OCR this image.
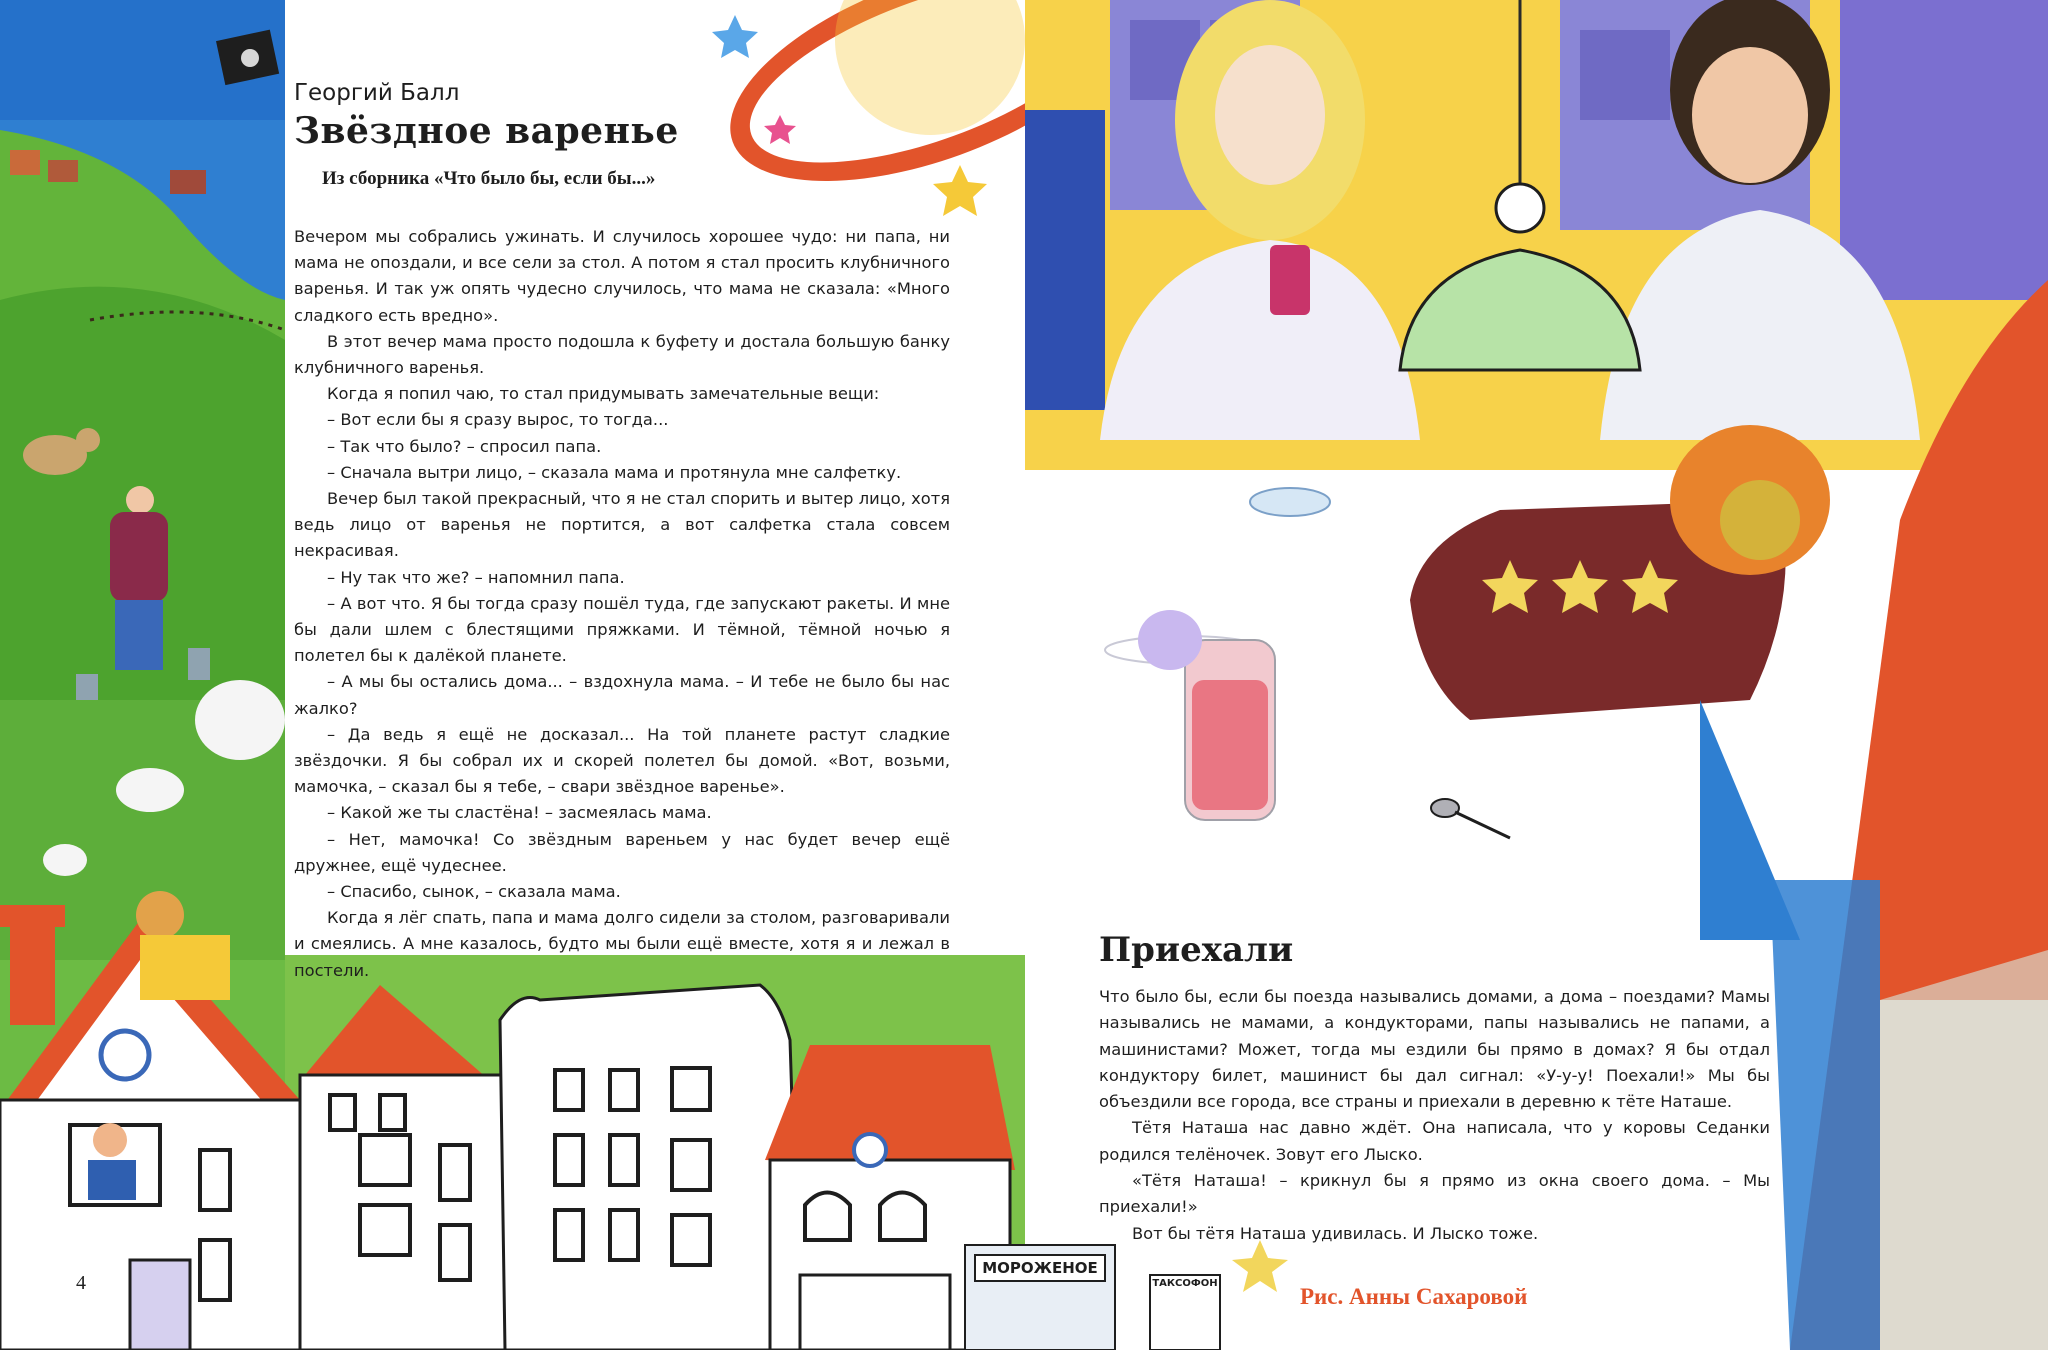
Георгий Балл
Звёздное варенье
Из сборника «Что было бы, если бы...»

Вечером мы собрались ужинать. И случилось хорошее чудо: ни папа, ни мама не опоздали, и все сели за стол. А потом я стал просить клубничного варенья. И так уж опять чудесно случилось, что мама не сказала: «Много сладкого есть вредно».

В этот вечер мама просто подошла к буфету и достала большую банку клубничного варенья.

Когда я попил чаю, то стал придумывать замечательные вещи:

– Вот если бы я сразу вырос, то тогда...

– Так что было? – спросил папа.

– Сначала вытри лицо, – сказала мама и протянула мне салфетку.

Вечер был такой прекрасный, что я не стал спорить и вытер лицо, хотя ведь лицо от варенья не портится, а вот салфетка стала совсем некрасивая.

– Ну так что же? – напомнил папа.

– А вот что. Я бы тогда сразу пошёл туда, где запускают ракеты. И мне бы дали шлем с блестящими пряжками. И тёмной, тёмной ночью я полетел бы к далёкой планете.

– А мы бы остались дома... – вздохнула мама. – И тебе не было бы нас жалко?

– Да ведь я ещё не досказал... На той планете растут сладкие звёздочки. Я бы собрал их и скорей полетел бы домой. «Вот, возьми, мамочка, – сказал бы я тебе, – свари звёздное варенье».

– Какой же ты сластёна! – засмеялась мама.

– Нет, мамочка! Со звёздным вареньем у нас будет вечер ещё дружнее, ещё чудеснее.

– Спасибо, сынок, – сказала мама.

Когда я лёг спать, папа и мама долго сидели за столом, разговаривали и смеялись. А мне казалось, будто мы были ещё вместе, хотя я и лежал в постели.

Приехали

Что было бы, если бы поезда назывались домами, а дома – поездами? Мамы назывались не мамами, а кондукторами, папы назывались не папами, а машинистами? Может, тогда мы ездили бы прямо в домах? Я бы отдал кондуктору билет, машинист бы дал сигнал: «У-у-у! Поехали!» Мы бы объездили все города, все страны и приехали в деревню к тёте Наташе.

Тётя Наташа нас давно ждёт. Она написала, что у коровы Седанки родился телёночек. Зовут его Лыско.

«Тётя Наташа! – крикнул бы я прямо из окна своего дома. – Мы приехали!»

Вот бы тётя Наташа удивилась. И Лыско тоже.

Рис. Анны Сахаровой
4
МОРОЖЕНОЕ
ТАКСОФОН
